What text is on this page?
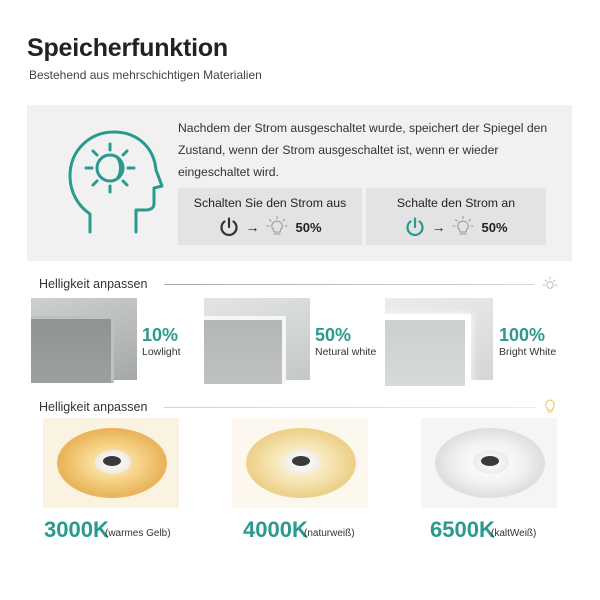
Speicherfunktion
Bestehend aus mehrschichtigen Materialien
Nachdem der Strom ausgeschaltet wurde, speichert der Spiegel den Zustand, wenn der Strom ausgeschaltet ist, wenn er wieder eingeschaltet wird.
Schalten Sie den Strom aus
→	50%
Schalte den Strom an
→	50%
Helligkeit anpassen
10%
Lowlight
50%
Netural white
100%
Bright White
Helligkeit anpassen
3000K
(warmes Gelb)	4000K
(naturweiß)	6500K
(kaltWeiß)
